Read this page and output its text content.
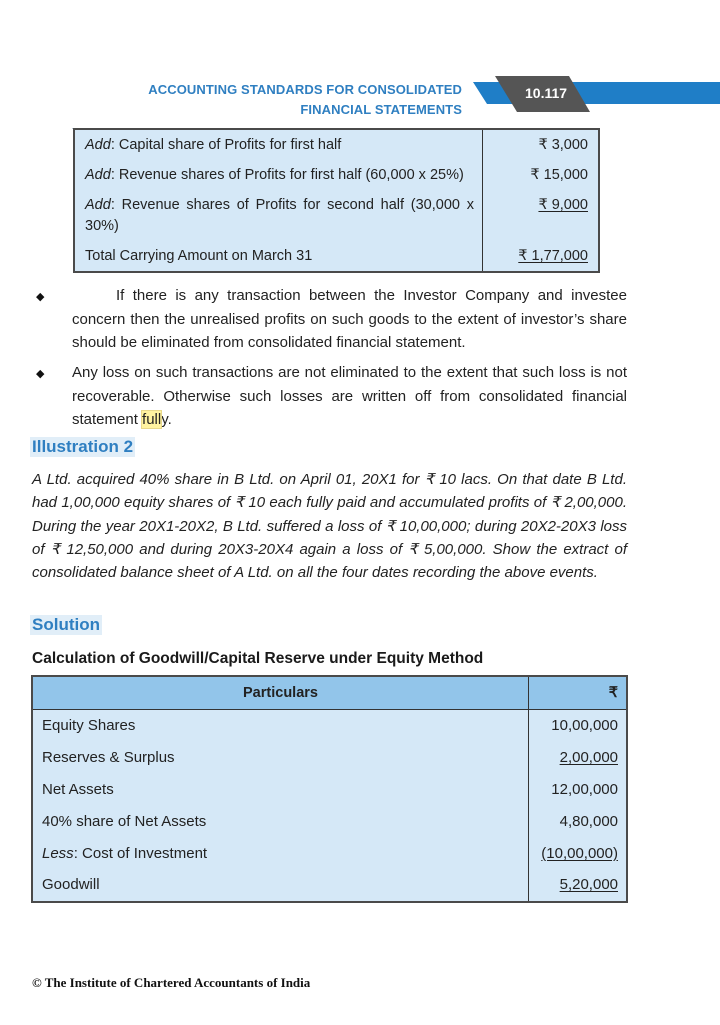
ACCOUNTING STANDARDS FOR CONSOLIDATED
FINANCIAL STATEMENTS
10.117
Add: Capital share of Profits for first half	₹ 3,000
Add: Revenue shares of Profits for first half (60,000 x 25%)	₹ 15,000
Add: Revenue shares of Profits for second half (30,000 x 30%)	₹ 9,000
Total Carrying Amount on March 31	₹ 1,77,000
◆	If there is any transaction between the Investor Company and investee concern then the unrealised profits on such goods to the extent of investor’s share should be eliminated from consolidated financial statement.
◆ Any loss on such transactions are not eliminated to the extent that such loss is not recoverable. Otherwise such losses are written off from consolidated financial statement fully.
Illustration 2
A Ltd. acquired 40% share in B Ltd. on April 01, 20X1 for ₹ 10 lacs. On that date B Ltd. had 1,00,000 equity shares of ₹ 10 each fully paid and accumulated profits of ₹ 2,00,000. During the year 20X1-20X2, B Ltd. suffered a loss of ₹ 10,00,000; during 20X2-20X3 loss of ₹ 12,50,000 and during 20X3-20X4 again a loss of ₹ 5,00,000. Show the extract of consolidated balance sheet of A Ltd. on all the four dates recording the above events.
Solution
Calculation of Goodwill/Capital Reserve under Equity Method
Particulars	₹
Equity Shares	10,00,000
Reserves & Surplus	2,00,000
Net Assets	12,00,000
40% share of Net Assets	4,80,000
Less: Cost of Investment	(10,00,000)
Goodwill	5,20,000
© The Institute of Chartered Accountants of India
